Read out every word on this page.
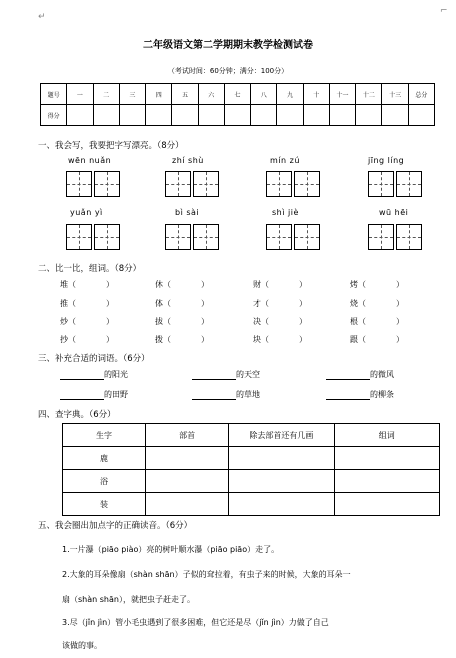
↵
⌐
二年级语文第二学期期末教学检测试卷
（考试时间：60分钟；满分：100分）
题号	一	二	三	四	五	六	七	八	九	十	十一	十二	十三	总分
得分														
一、我会写，我要把字写漂亮。（8分）
wēn nuǎn	zhí shù	mín zú	jīng líng
yuǎn yì	bì sài	shì jiè	wū hēi
二、比一比，组词。（8分）
堆（	）	休（	）	财（	）	烤（	）
推（	）	体（	）	才（	）	烧（	）
炒（	）	拔（	）	决（	）	根（	）
抄（	）	拨（	）	块（	）	跟（	）
三、补充合适的词语。（6分）
的阳光	的天空	的微风
的田野	的草地	的柳条
四、查字典。（6分）
生字	部首	除去部首还有几画	组词
鹿			
浴			
装			
五、我会圈出加点字的正确读音。（6分）
1.一片瀑（piāo piào）亮的树叶顺水瀑（piāo piāo）走了。
2.大象的耳朵像扇（shàn shān）子似的耷拉着，有虫子来的时候，大象的耳朵一
扇（shàn shān），就把虫子赶走了。
3.尽（jǐn jìn）管小毛虫遇到了很多困难，但它还是尽（jǐn jìn）力做了自己
该做的事。
